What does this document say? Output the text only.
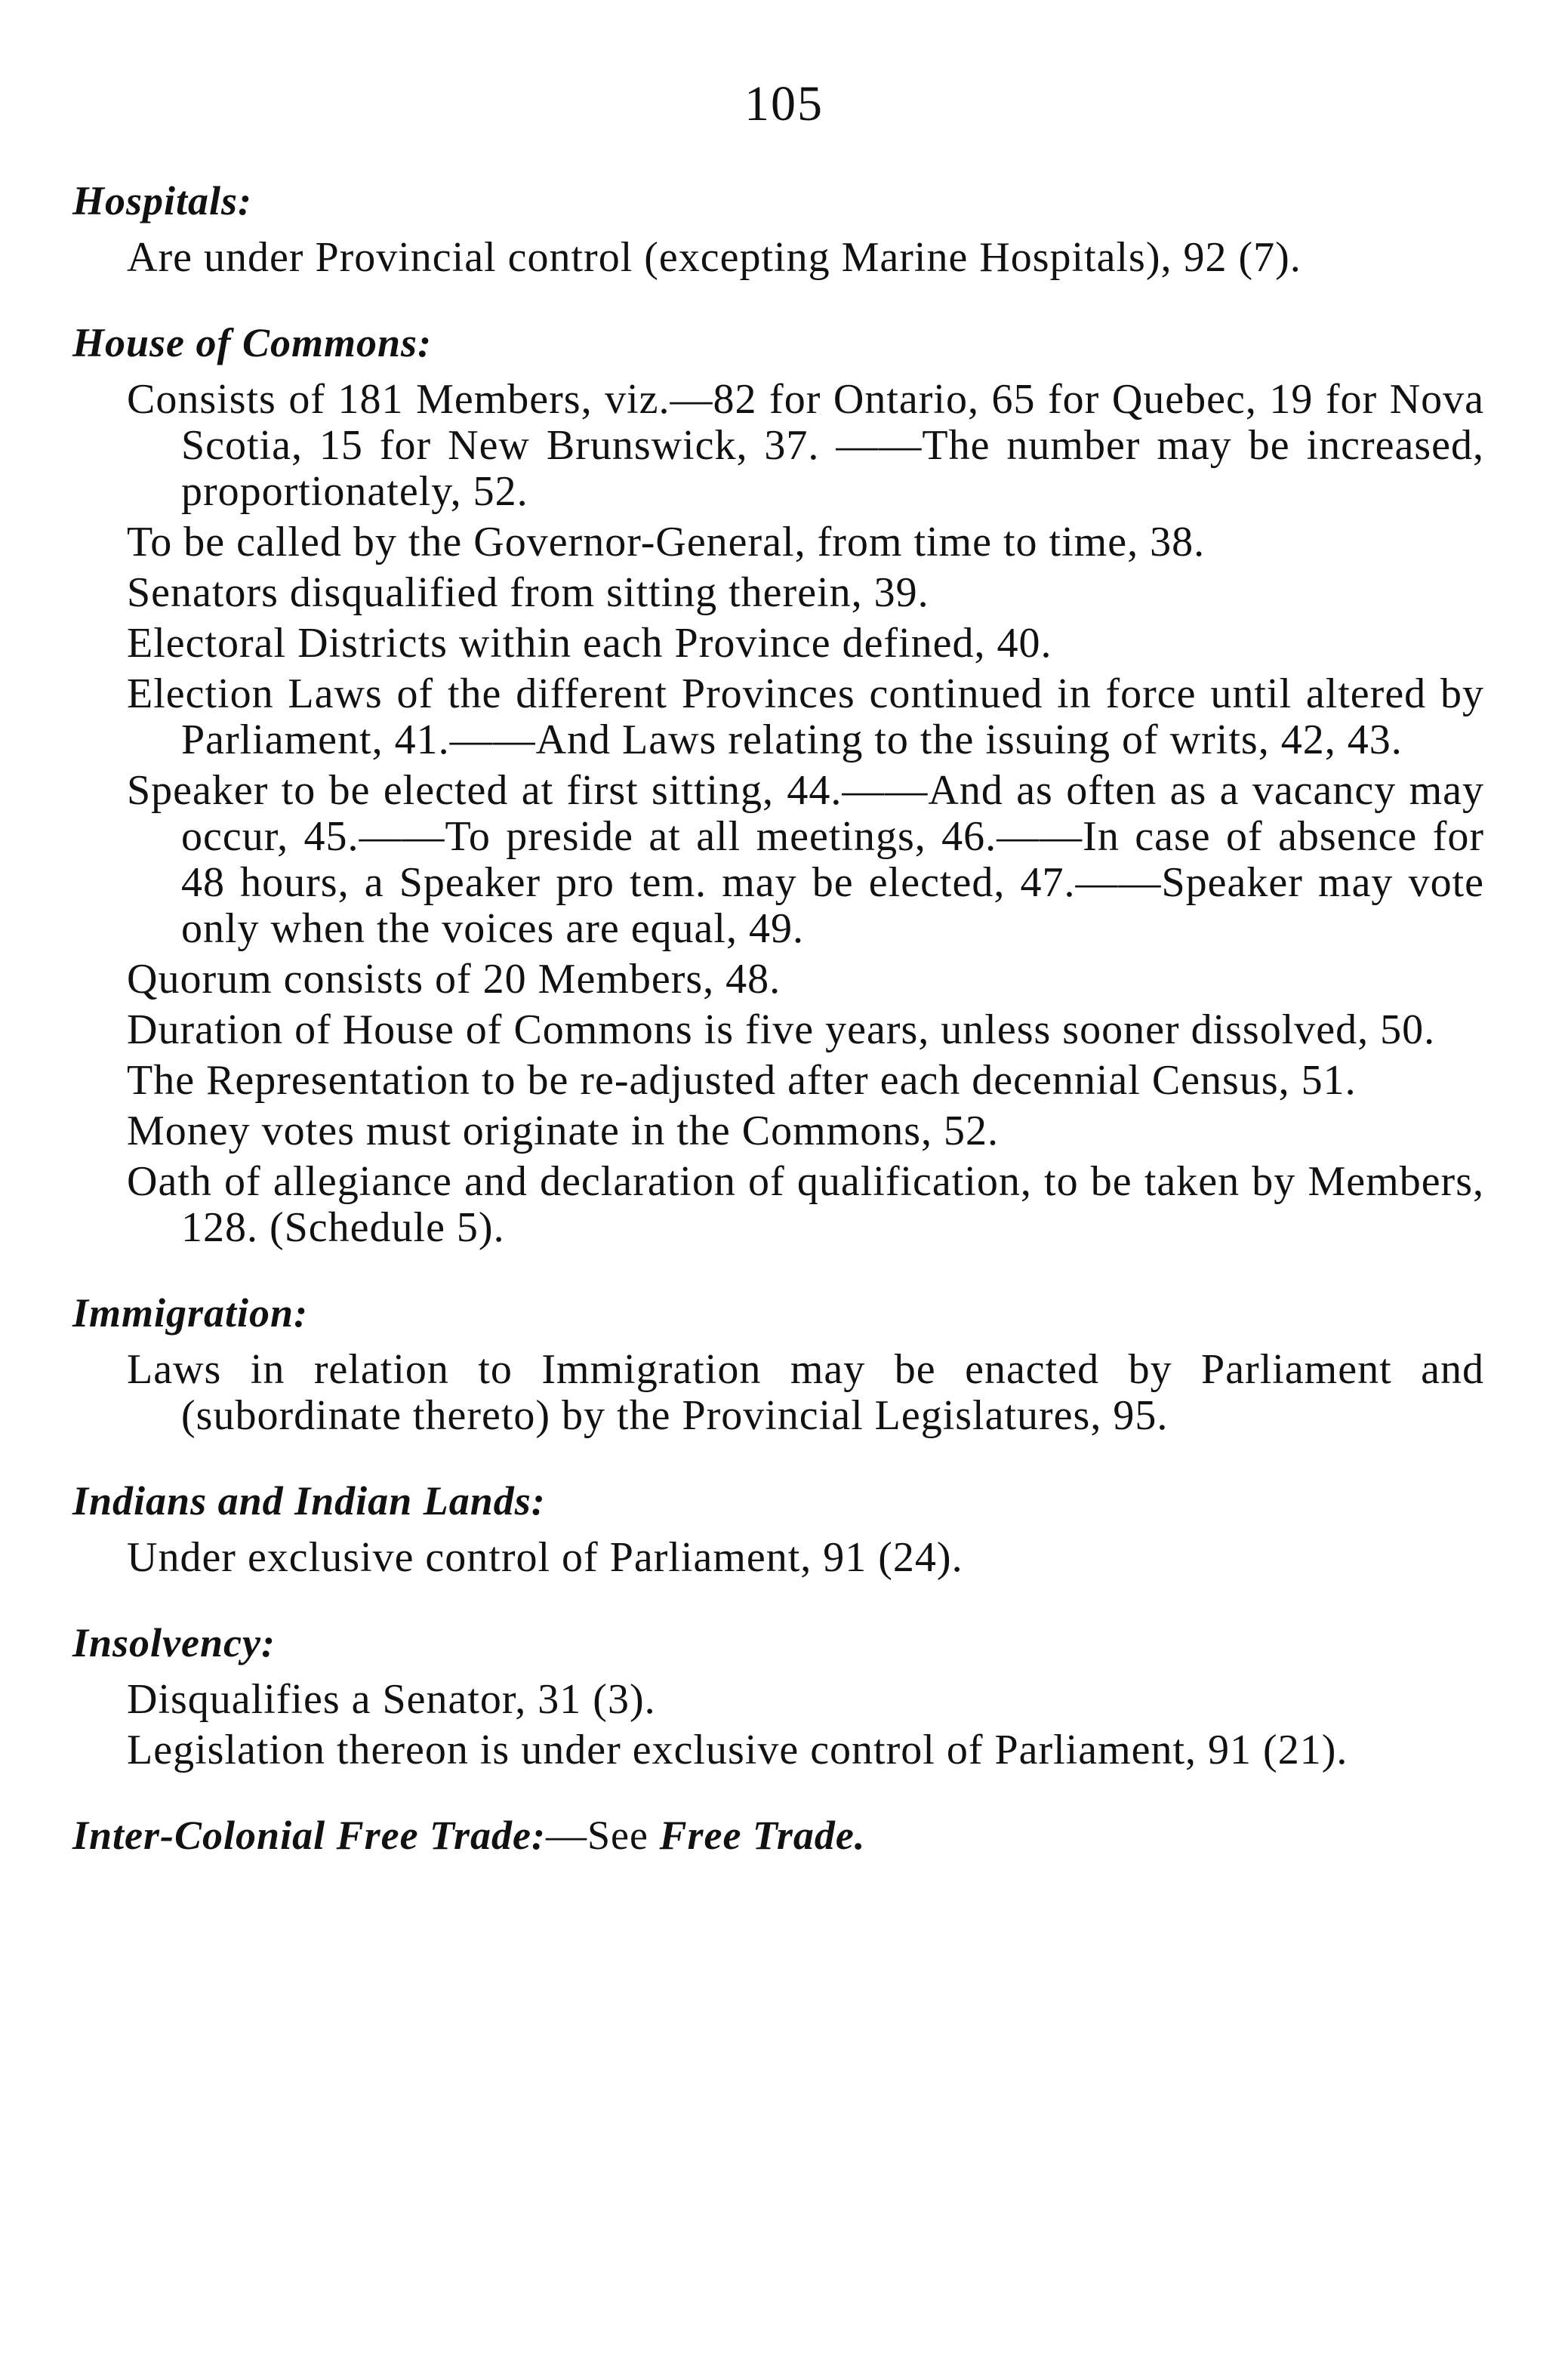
105
Hospitals:
Are under Provincial control (excepting Marine Hospitals), 92 (7).
House of Commons:
Consists of 181 Members, viz.—82 for Ontario, 65 for Quebec, 19 for Nova Scotia, 15 for New Brunswick, 37. ——The number may be increased, proportionately, 52.
To be called by the Governor-General, from time to time, 38.
Senators disqualified from sitting therein, 39.
Electoral Districts within each Province defined, 40.
Election Laws of the different Provinces continued in force until altered by Parliament, 41.——And Laws relating to the issuing of writs, 42, 43.
Speaker to be elected at first sitting, 44.——And as often as a vacancy may occur, 45.——To preside at all meetings, 46.——In case of absence for 48 hours, a Speaker pro tem. may be elected, 47.——Speaker may vote only when the voices are equal, 49.
Quorum consists of 20 Members, 48.
Duration of House of Commons is five years, unless sooner dissolved, 50.
The Representation to be re-adjusted after each decennial Census, 51.
Money votes must originate in the Commons, 52.
Oath of allegiance and declaration of qualification, to be taken by Members, 128. (Schedule 5).
Immigration:
Laws in relation to Immigration may be enacted by Parliament and (subordinate thereto) by the Provincial Legislatures, 95.
Indians and Indian Lands:
Under exclusive control of Parliament, 91 (24).
Insolvency:
Disqualifies a Senator, 31 (3).
Legislation thereon is under exclusive control of Parliament, 91 (21).
Inter-Colonial Free Trade:—See Free Trade.
